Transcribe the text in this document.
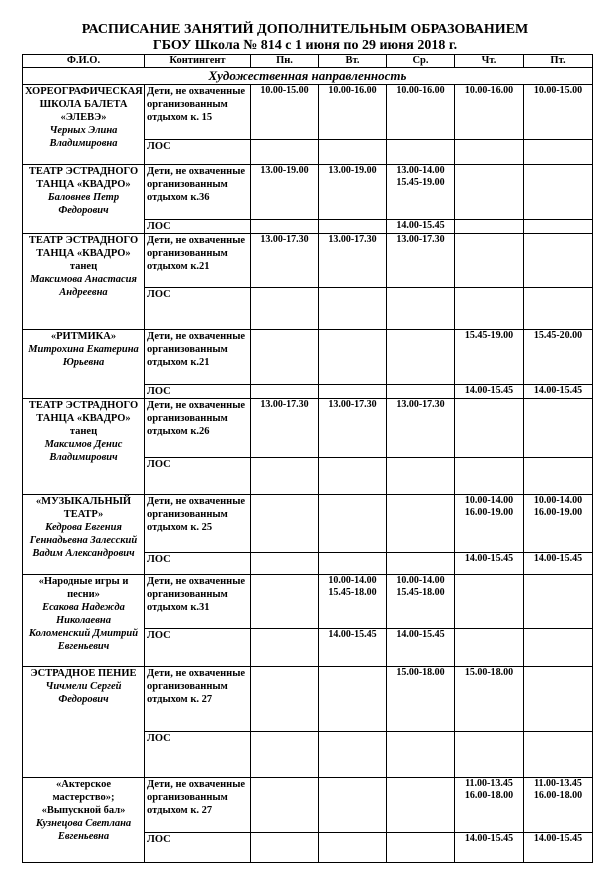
РАСПИСАНИЕ ЗАНЯТИЙ ДОПОЛНИТЕЛЬНЫМ ОБРАЗОВАНИЕМ
ГБОУ Школа № 814 с 1 июня по 29 июня 2018 г.
Ф.И.О.	Контингент	Пн.	Вт.	Ср.	Чт.	Пт.
Художественная направленность						
ХОРЕОГРАФИЧЕСКАЯ ШКОЛА БАЛЕТА «ЭЛЕВЭ»
Черных Элина Владимировна	Дети, не охваченные организованным отдыхом к. 15	10.00-15.00	10.00-16.00	10.00-16.00	10.00-16.00	10.00-15.00

	ЛОС					
ТЕАТР ЭСТРАДНОГО ТАНЦА «КВАДРО»
Баловнев Петр Федорович	Дети, не охваченные организованным отдыхом к.36	13.00-19.00	13.00-19.00	13.00-14.00
15.45-19.00		

	ЛОС			14.00-15.45		

ТЕАТР ЭСТРАДНОГО ТАНЦА «КВАДРО» танец
Максимова Анастасия Андреевна	Дети, не охваченные организованным отдыхом к.21	13.00-17.30	13.00-17.30	13.00-17.30		

	ЛОС					
«РИТМИКА»
Митрохина Екатерина Юрьевна	Дети, не охваченные организованным отдыхом к.21				15.45-19.00	15.45-20.00

	ЛОС				14.00-15.45	14.00-15.45

ТЕАТР ЭСТРАДНОГО ТАНЦА «КВАДРО» танец
Максимов Денис Владимирович	Дети, не охваченные организованным отдыхом к.26	13.00-17.30	13.00-17.30	13.00-17.30		

	ЛОС					
«МУЗЫКАЛЬНЫЙ ТЕАТР»
Кедрова Евгения Геннадьевна Залесский Вадим Александрович	Дети, не охваченные организованным отдыхом к. 25				10.00-14.00
16.00-19.00	10.00-14.00
16.00-19.00

	ЛОС				14.00-15.45	14.00-15.45

«Народные игры и песни»
Есакова Надежда Николаевна Коломенский Дмитрий Евгеньевич	Дети, не охваченные организованным отдыхом к.31		10.00-14.00
15.45-18.00	10.00-14.00
15.45-18.00		

	ЛОС		14.00-15.45	14.00-15.45		

ЭСТРАДНОЕ ПЕНИЕ
Чичмели Сергей Федорович	Дети, не охваченные организованным отдыхом к. 27			15.00-18.00	15.00-18.00	

	ЛОС					
«Актерское мастерство»; «Выпускной бал»
Кузнецова Светлана Евгеньевна	Дети, не охваченные организованным отдыхом к. 27				11.00-13.45
16.00-18.00	11.00-13.45
16.00-18.00

	ЛОС				14.00-15.45	14.00-15.45
